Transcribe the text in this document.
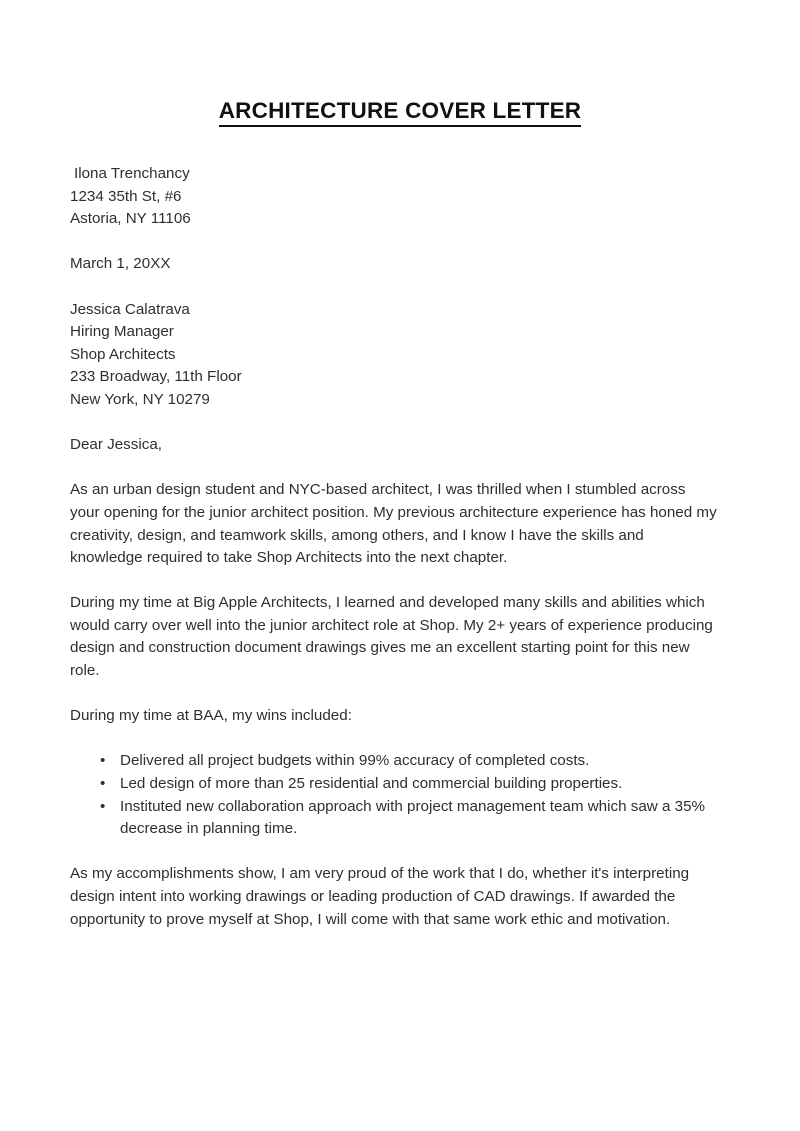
ARCHITECTURE COVER LETTER
Ilona Trenchancy
1234 35th St, #6
Astoria, NY 11106
March 1, 20XX
Jessica Calatrava
Hiring Manager
Shop Architects
233 Broadway, 11th Floor
New York, NY 10279
Dear Jessica,

As an urban design student and NYC-based architect, I was thrilled when I stumbled across your opening for the junior architect position. My previous architecture experience has honed my creativity, design, and teamwork skills, among others, and I know I have the skills and knowledge required to take Shop Architects into the next chapter.

During my time at Big Apple Architects, I learned and developed many skills and abilities which would carry over well into the junior architect role at Shop. My 2+ years of experience producing design and construction document drawings gives me an excellent starting point for this new role.

During my time at BAA, my wins included:

• Delivered all project budgets within 99% accuracy of completed costs.
• Led design of more than 25 residential and commercial building properties.
• Instituted new collaboration approach with project management team which saw a 35% decrease in planning time.

As my accomplishments show, I am very proud of the work that I do, whether it's interpreting design intent into working drawings or leading production of CAD drawings. If awarded the opportunity to prove myself at Shop, I will come with that same work ethic and motivation.
